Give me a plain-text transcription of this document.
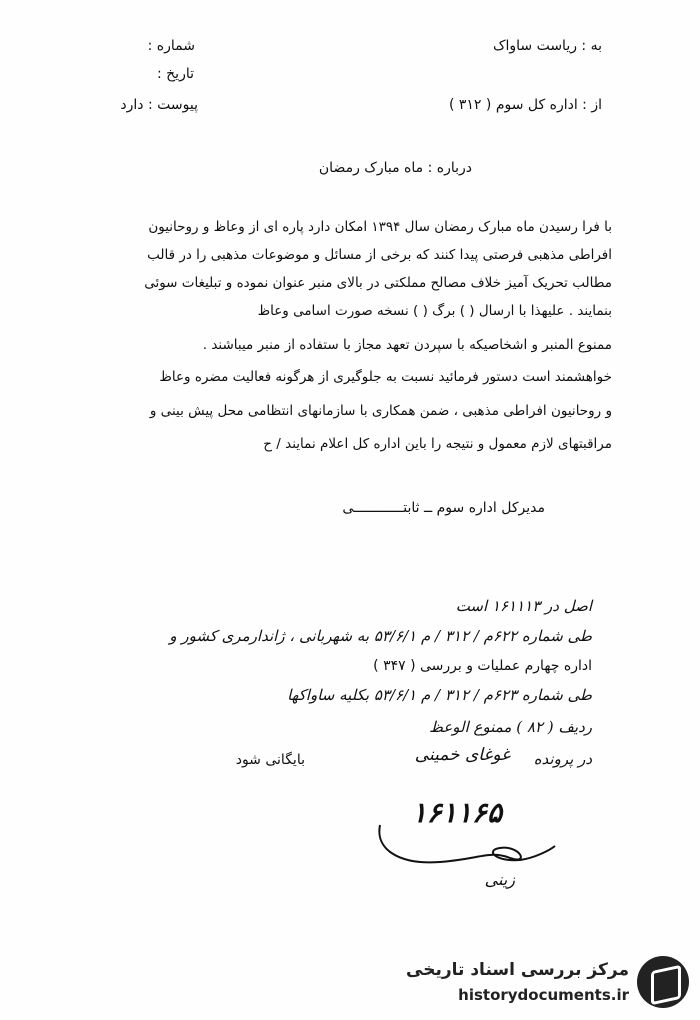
به : ریاست ساواک
شماره :
تاریخ :
از : اداره کل سوم ( ۳۱۲ )
پیوست : دارد
درباره : ماه مبارک رمضان
با فرا رسیدن ماه مبارک رمضان سال ۱۳۹۴ امکان دارد پاره ای از وعاظ و روحانیون
افراطی مذهبی فرصتی پیدا کنند که برخی از مسائل و موضوعات مذهبی را در قالب
مطالب تحریک آمیز خلاف مصالح مملکتی در بالای منبر عنوان نموده و تبلیغات سوئی
بنمایند . علیهذا با ارسال ( ) برگ ( ) نسخه صورت اسامی وعاظ
ممنوع المنبر و اشخاصیکه با سپردن تعهد مجاز با ستفاده از منبر میباشند .
خواهشمند است دستور فرمائید نسبت به جلوگیری از هرگونه فعالیت مضره وعاظ
و روحانیون افراطی مذهبی ، ضمن همکاری با سازمانهای انتظامی محل پیش بینی و
مراقبتهای لازم معمول و نتیجه را باین اداره کل اعلام نمایند / ح
مدیرکل اداره سوم ــ ثابتــــــــــــی
اصل در ۱۶۱۱۱۳ است
طی شماره ۶۲۲م / ۳۱۲ / م ۵۳/۶/۱ به شهربانی ، ژاندارمری کشور و
اداره چهارم عملیات و بررسی ( ۳۴۷ )
طی شماره ۶۲۳م / ۳۱۲ / م ۵۳/۶/۱ بکلیه ساواکها
ردیف ( ۸۲ ) ممنوع الوعظ
در پرونده
غوغای خمینی
بایگانی شود
۱۶۱۱۶۵
زینی
مرکز بررسی اسناد تاریخی
historydocuments.ir
